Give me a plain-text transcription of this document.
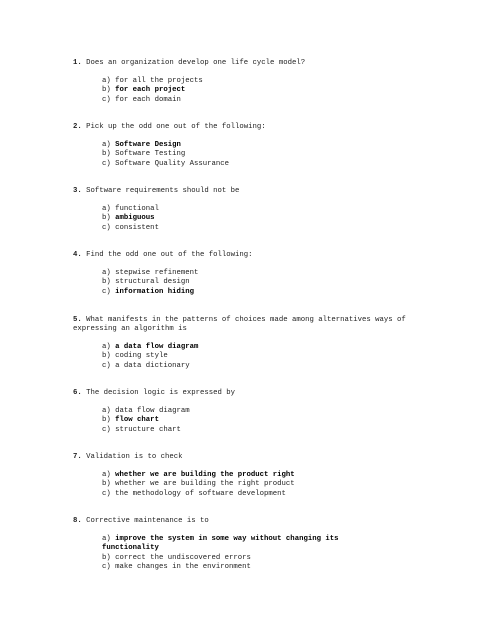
1. Does an organization develop one life cycle model?
a) for all the projects
b) for each project
c) for each domain
2. Pick up the odd one out of the following:
a) Software Design
b) Software Testing
c) Software Quality Assurance
3. Software requirements should not be
a) functional
b) ambiguous
c) consistent
4. Find the odd one out of the following:
a) stepwise refinement
b) structural design
c) information hiding
5. What manifests in the patterns of choices made among alternatives ways of expressing an algorithm is
a) a data flow diagram
b) coding style
c) a data dictionary
6. The decision logic is expressed by
a) data flow diagram
b) flow chart
c) structure chart
7. Validation is to check
a) whether we are building the product right
b) whether we are building the right product
c) the methodology of software development
8. Corrective maintenance is to
a) improve the system in some way without changing its functionality
b) correct the undiscovered errors
c) make changes in the environment
